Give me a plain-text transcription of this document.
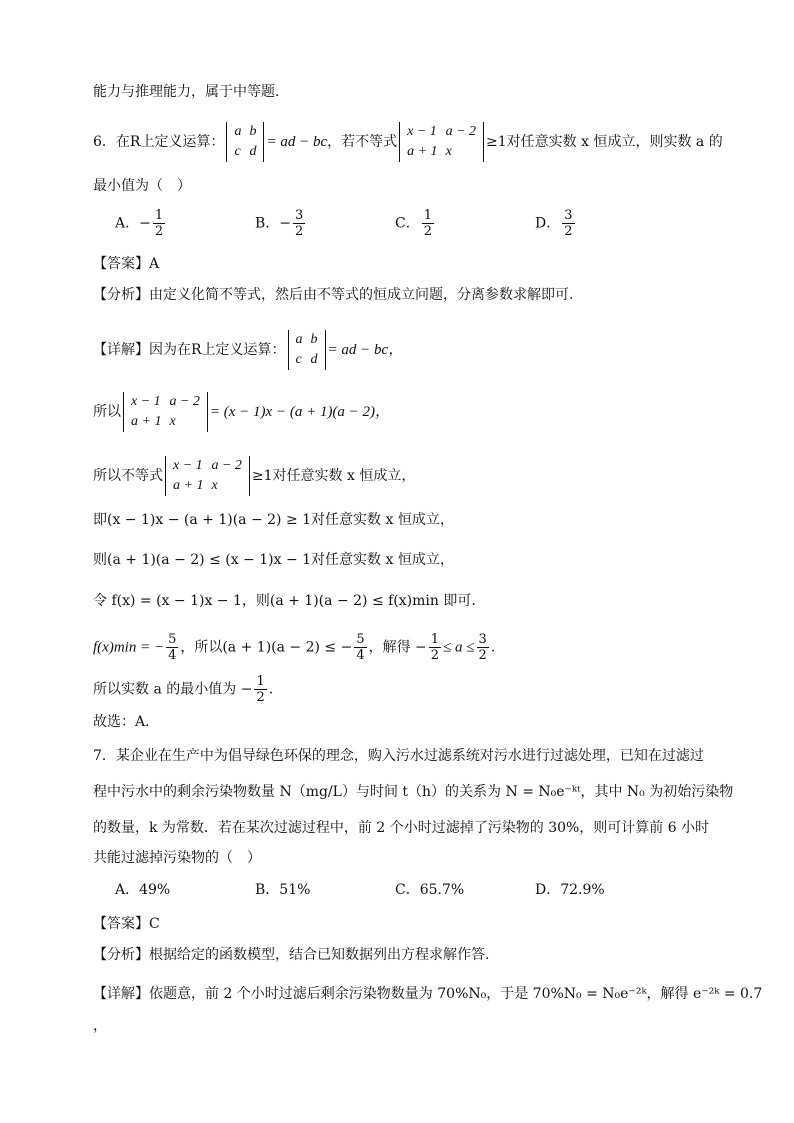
能力与推理能力，属于中等题.
6．在R上定义运算：
a	b
c	d
= ad − bc，若不等式
x − 1	a − 2
a + 1	x
≥1对任意实数 x 恒成立，则实数 a 的
最小值为（　）
A．− $\frac{1}{2}$	B．− $\frac{3}{2}$	C． $\frac{1}{2}$	D． $\frac{3}{2}$
【答案】A
【分析】由定义化简不等式，然后由不等式的恒成立问题，分离参数求解即可.
【详解】因为在R上定义运算：
a	b
c	d
= ad − bc，
所以
x − 1	a − 2
a + 1	x
= (x − 1)x − (a + 1)(a − 2)，
所以不等式
x − 1	a − 2
a + 1	x
≥1对任意实数 x 恒成立，
即(x − 1)x − (a + 1)(a − 2) ≥ 1对任意实数 x 恒成立，
则(a + 1)(a − 2) ≤ (x − 1)x − 1对任意实数 x 恒成立，
令 f(x) = (x − 1)x − 1，则(a + 1)(a − 2) ≤ f(x)min 即可.
f(x)min = − $\frac{5}{4}$ ，所以(a + 1)(a − 2) ≤ − $\frac{5}{4}$ ，解得 − $\frac{1}{2} \le a \le \frac{3}{2}$ .
所以实数 a 的最小值为 − $\frac{1}{2}$ .
故选：A.
7．某企业在生产中为倡导绿色环保的理念，购入污水过滤系统对污水进行过滤处理，已知在过滤过
程中污水中的剩余污染物数量 N（mg/L）与时间 t（h）的关系为 N = N₀e⁻ᵏᵗ，其中 N₀ 为初始污染物
的数量，k 为常数．若在某次过滤过程中，前 2 个小时过滤掉了污染物的 30%，则可计算前 6 小时
共能过滤掉污染物的（　）
A．49%	B．51%	C．65.7%	D．72.9%
【答案】C
【分析】根据给定的函数模型，结合已知数据列出方程求解作答.
【详解】依题意，前 2 个小时过滤后剩余污染物数量为 70%N₀，于是 70%N₀ = N₀e⁻²ᵏ，解得 e⁻²ᵏ = 0.7
，
